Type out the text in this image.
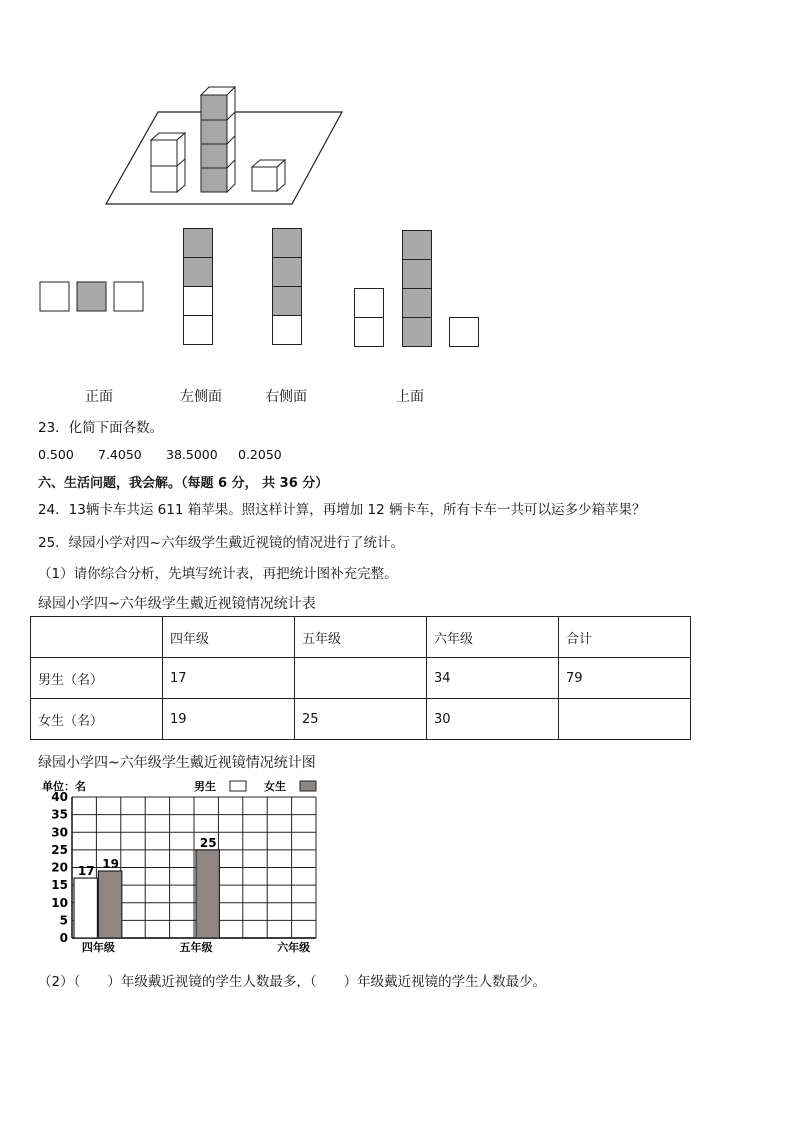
正面	左侧面	右侧面	上面
23．化简下面各数。
0.500 7.4050 38.5000 0.2050
六、生活问题，我会解。（每题 6 分， 共 36 分）
24．13辆卡车共运 611 箱苹果。照这样计算，再增加 12 辆卡车，所有卡车一共可以运多少箱苹果？
25．绿园小学对四~六年级学生戴近视镜的情况进行了统计。
（1）请你综合分析，先填写统计表，再把统计图补充完整。
绿园小学四~六年级学生戴近视镜情况统计表
	四年级	五年级	六年级	合计
男生（名）	17		34	79
女生（名）	19	25	30	
绿园小学四~六年级学生戴近视镜情况统计图
0
5
10
15
20
25
30
35
40
单位：名	男生	女生
四年级	五年级	六年级
17
19
25
（2）（　　）年级戴近视镜的学生人数最多，（　　）年级戴近视镜的学生人数最少。
